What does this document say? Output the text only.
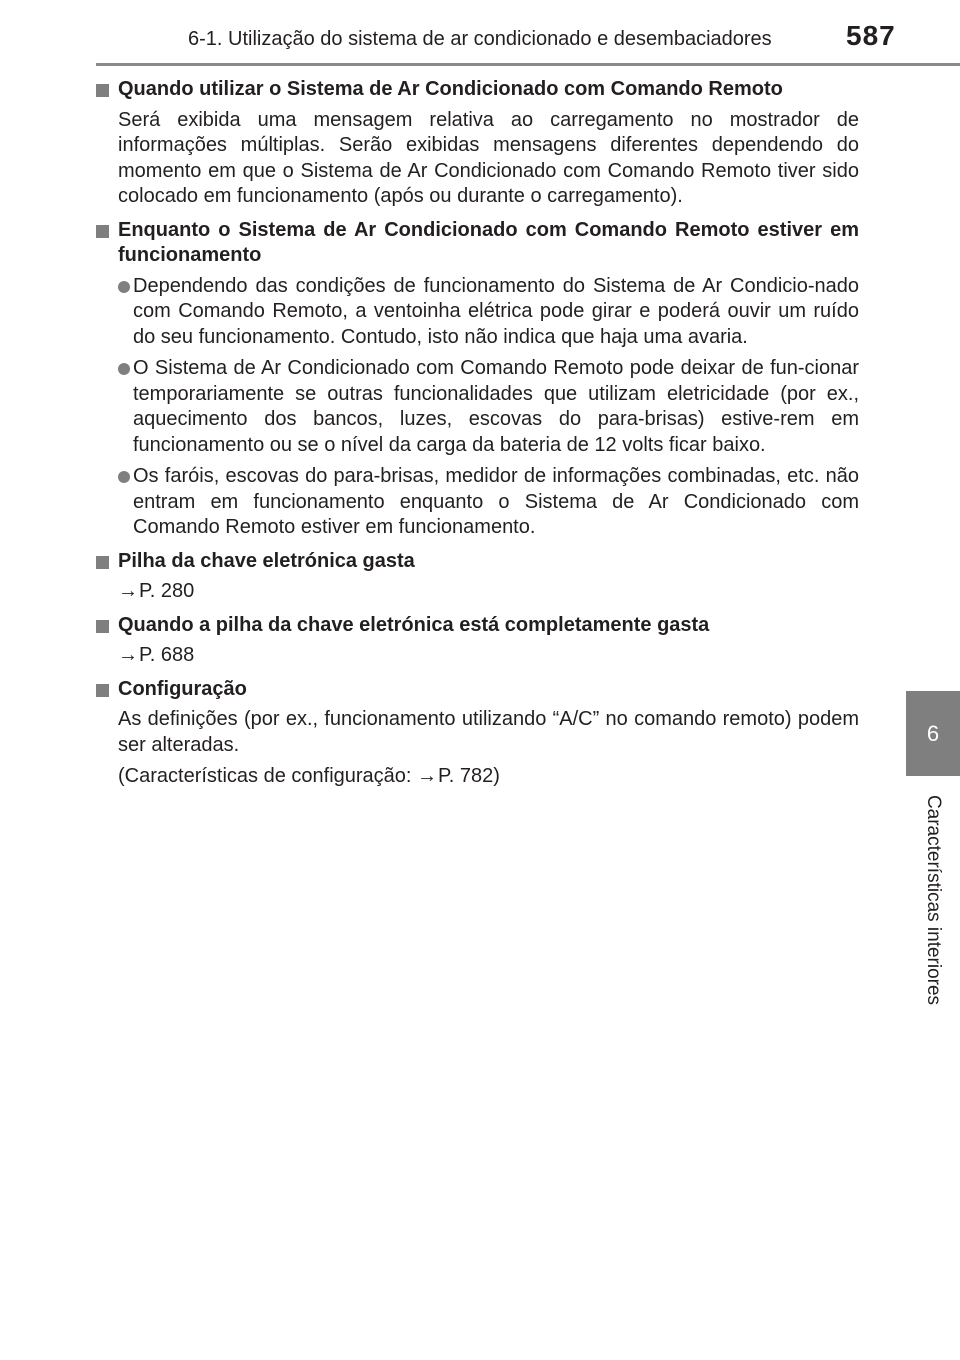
6-1. Utilização do sistema de ar condicionado e desembaciadores	587
6
Características interiores
Quando utilizar o Sistema de Ar Condicionado com Comando Remoto
Será exibida uma mensagem relativa ao carregamento no mostrador de informações múltiplas. Serão exibidas mensagens diferentes dependendo do momento em que o Sistema de Ar Condicionado com Comando Remoto tiver sido colocado em funcionamento (após ou durante o carregamento).
Enquanto o Sistema de Ar Condicionado com Comando Remoto estiver em funcionamento
Dependendo das condições de funcionamento do Sistema de Ar Condicio-nado com Comando Remoto, a ventoinha elétrica pode girar e poderá ouvir um ruído do seu funcionamento. Contudo, isto não indica que haja uma avaria.
O Sistema de Ar Condicionado com Comando Remoto pode deixar de fun-cionar temporariamente se outras funcionalidades que utilizam eletricidade (por ex., aquecimento dos bancos, luzes, escovas do para-brisas) estive-rem em funcionamento ou se o nível da carga da bateria de 12 volts ficar baixo.
Os faróis, escovas do para-brisas, medidor de informações combinadas, etc. não entram em funcionamento enquanto o Sistema de Ar Condicionado com Comando Remoto estiver em funcionamento.
Pilha da chave eletrónica gasta
→P. 280
Quando a pilha da chave eletrónica está completamente gasta
→P. 688
Configuração
As definições (por ex., funcionamento utilizando “A/C” no comando remoto) podem ser alteradas.
(Características de configuração: →P. 782)
